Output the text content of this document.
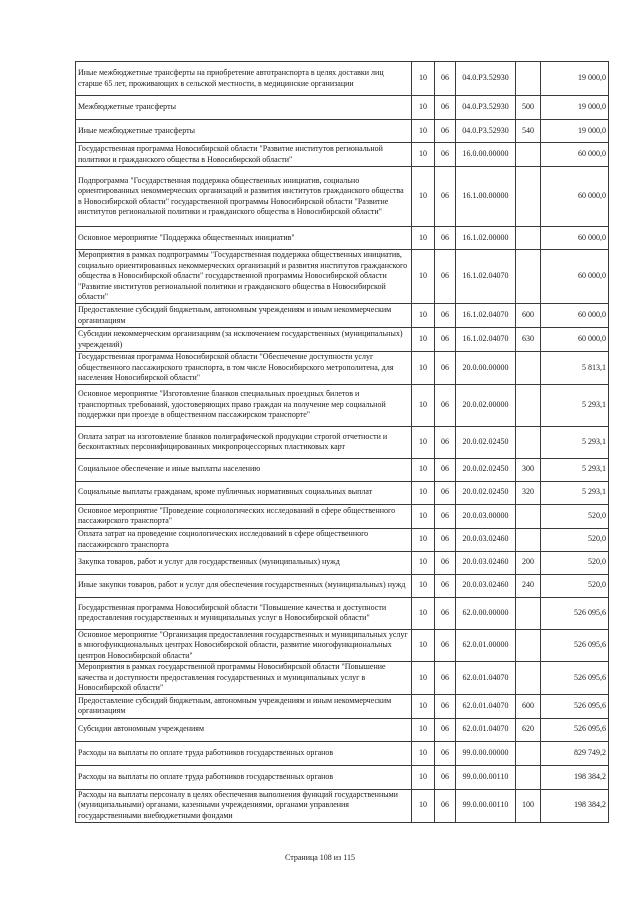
Иные межбюджетные трансферты на приобретение автотранспорта в целях доставки лиц старше 65 лет, проживающих в сельской местности, в медицинские организации	10	06	04.0.Р3.52930		19 000,0
Межбюджетные трансферты	10	06	04.0.Р3.52930	500	19 000,0
Иные межбюджетные трансферты	10	06	04.0.Р3.52930	540	19 000,0
Государственная программа Новосибирской области "Развитие институтов региональной политики и гражданского общества в Новосибирской области"	10	06	16.0.00.00000		60 000,0
Подпрограмма "Государственная поддержка общественных инициатив, социально ориентированных некоммерческих организаций и развития институтов гражданского общества в Новосибирской области" государственной программы Новосибирской области "Развитие институтов региональной политики и гражданского общества в Новосибирской области"	10	06	16.1.00.00000		60 000,0
Основное мероприятие "Поддержка общественных инициатив"	10	06	16.1.02.00000		60 000,0
Мероприятия в рамках подпрограммы "Государственная поддержка общественных инициатив, социально ориентированных некоммерческих организаций и развития институтов гражданского общества в Новосибирской области" государственной программы Новосибирской области "Развитие институтов региональной политики и гражданского общества в Новосибирской области"	10	06	16.1.02.04070		60 000,0
Предоставление субсидий бюджетным, автономным учреждениям и иным некоммерческим организациям	10	06	16.1.02.04070	600	60 000,0
Субсидии некоммерческим организациям (за исключением государственных (муниципальных) учреждений)	10	06	16.1.02.04070	630	60 000,0
Государственная программа Новосибирской области "Обеспечение доступности услуг общественного пассажирского транспорта, в том числе Новосибирского метрополитена, для населения Новосибирской области"	10	06	20.0.00.00000		5 813,1
Основное мероприятие "Изготовление бланков специальных проездных билетов и транспортных требований, удостоверяющих право граждан на получение мер социальной поддержки при проезде в общественном пассажирском транспорте"	10	06	20.0.02.00000		5 293,1
Оплата затрат на изготовление бланков полиграфической продукции строгой отчетности и бесконтактных персонифицированных микропроцессорных пластиковых карт	10	06	20.0.02.02450		5 293,1
Социальное обеспечение и иные выплаты населению	10	06	20.0.02.02450	300	5 293,1
Социальные выплаты гражданам, кроме публичных нормативных социальных выплат	10	06	20.0.02.02450	320	5 293,1
Основное мероприятие "Проведение социологических исследований в сфере общественного пассажирского транспорта"	10	06	20.0.03.00000		520,0
Оплата затрат на проведение социологических исследований в сфере общественного пассажирского транспорта	10	06	20.0.03.02460		520,0
Закупка товаров, работ и услуг для государственных (муниципальных) нужд	10	06	20.0.03.02460	200	520,0
Иные закупки товаров, работ и услуг для обеспечения государственных (муниципальных) нужд	10	06	20.0.03.02460	240	520,0
Государственная программа Новосибирской области "Повышение качества и доступности предоставления государственных и муниципальных услуг в Новосибирской области"	10	06	62.0.00.00000		526 095,6
Основное мероприятие "Организация предоставления государственных и муниципальных услуг в многофункциональных центрах Новосибирской области, развитие многофункциональных центров Новосибирской области"	10	06	62.0.01.00000		526 095,6
Мероприятия в рамках государственной программы Новосибирской области "Повышение качества и доступности предоставления государственных и муниципальных услуг в Новосибирской области"	10	06	62.0.01.04070		526 095,6
Предоставление субсидий бюджетным, автономным учреждениям и иным некоммерческим организациям	10	06	62.0.01.04070	600	526 095,6
Субсидии автономным учреждениям	10	06	62.0.01.04070	620	526 095,6
Расходы на выплаты по оплате труда работников государственных органов	10	06	99.0.00.00000		829 749,2
Расходы на выплаты по оплате труда работников государственных органов	10	06	99.0.00.00110		198 384,2
Расходы на выплаты персоналу в целях обеспечения выполнения функций государственными (муниципальными) органами, казенными учреждениями, органами управления государственными внебюджетными фондами	10	06	99.0.00.00110	100	198 384,2
Страница 108 из 115
